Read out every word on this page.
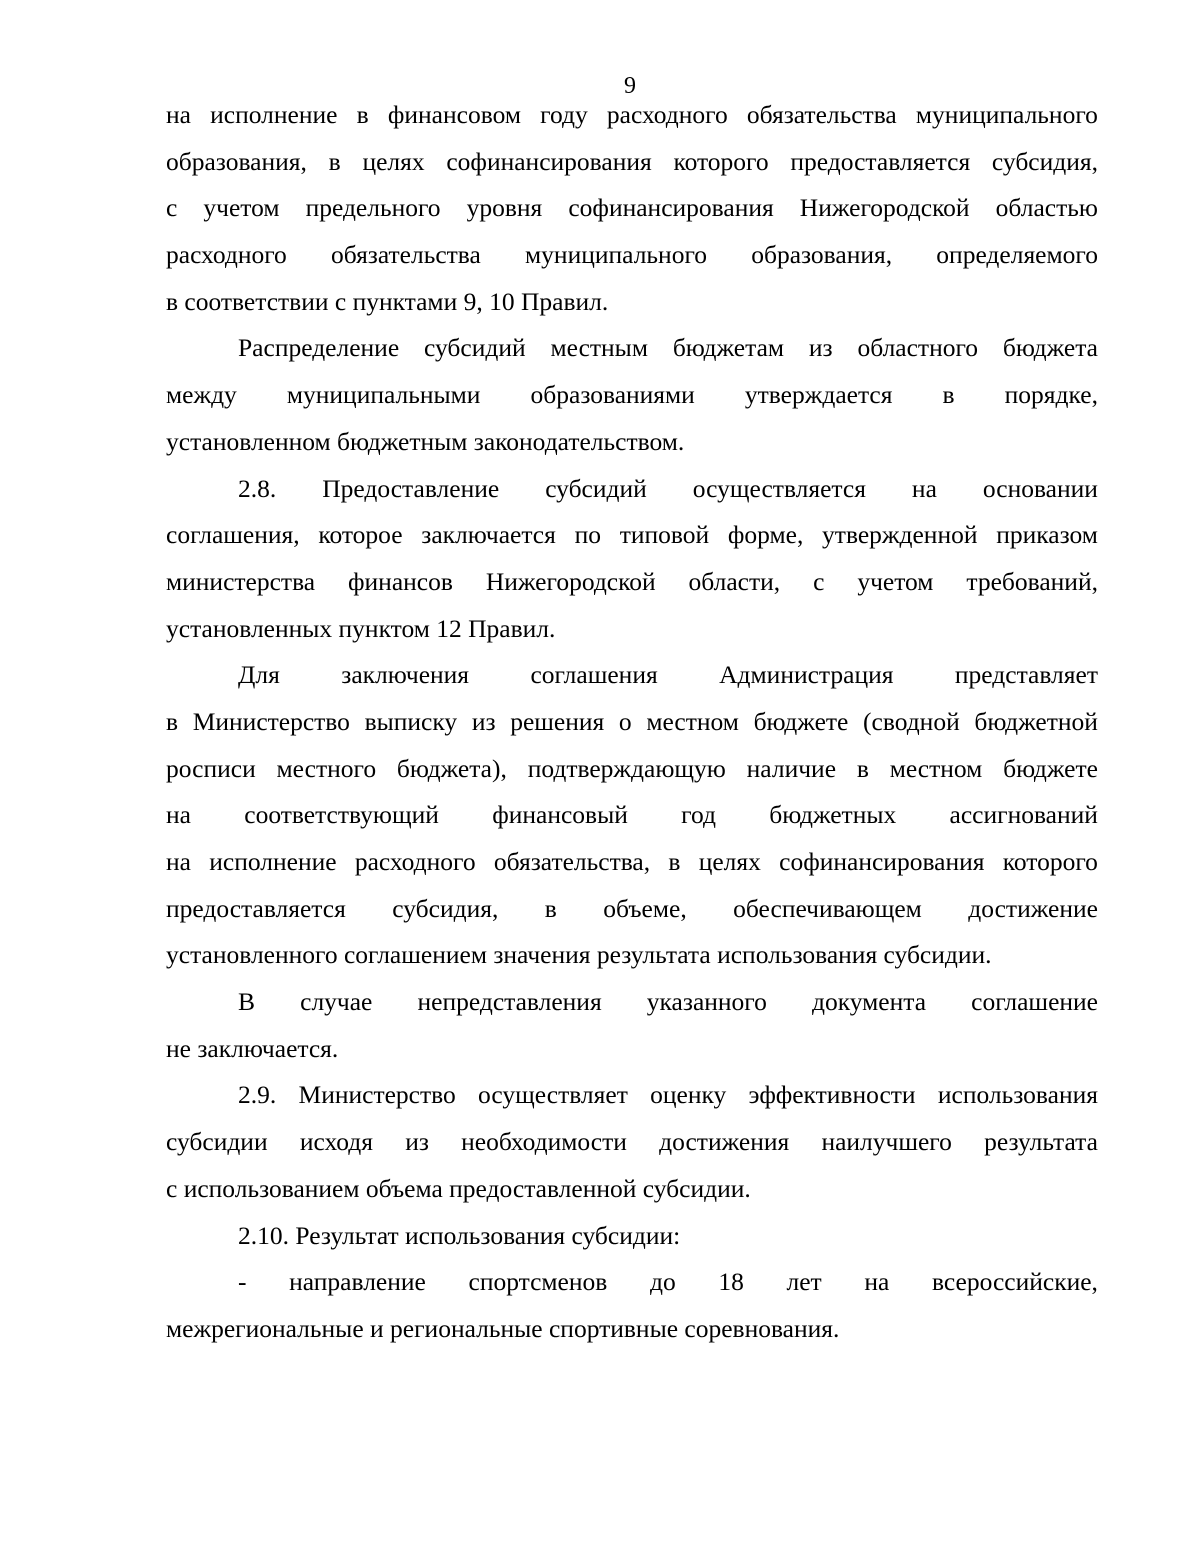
9
на исполнение в финансовом году расходного обязательства муниципального
образования, в целях софинансирования которого предоставляется субсидия,
с учетом предельного уровня софинансирования Нижегородской областью
расходного обязательства муниципального образования, определяемого
в соответствии с пунктами 9, 10 Правил.
Распределение субсидий местным бюджетам из областного бюджета
между муниципальными образованиями утверждается в порядке,
установленном бюджетным законодательством.
2.8. Предоставление субсидий осуществляется на основании
соглашения, которое заключается по типовой форме, утвержденной приказом
министерства финансов Нижегородской области, с учетом требований,
установленных пунктом 12 Правил.
Для заключения соглашения Администрация представляет
в Министерство выписку из решения о местном бюджете (сводной бюджетной
росписи местного бюджета), подтверждающую наличие в местном бюджете
на соответствующий финансовый год бюджетных ассигнований
на исполнение расходного обязательства, в целях софинансирования которого
предоставляется субсидия, в объеме, обеспечивающем достижение
установленного соглашением значения результата использования субсидии.
В случае непредставления указанного документа соглашение
не заключается.
2.9. Министерство осуществляет оценку эффективности использования
субсидии исходя из необходимости достижения наилучшего результата
с использованием объема предоставленной субсидии.
2.10. Результат использования субсидии:
- направление спортсменов до 18 лет на всероссийские,
межрегиональные и региональные спортивные соревнования.
